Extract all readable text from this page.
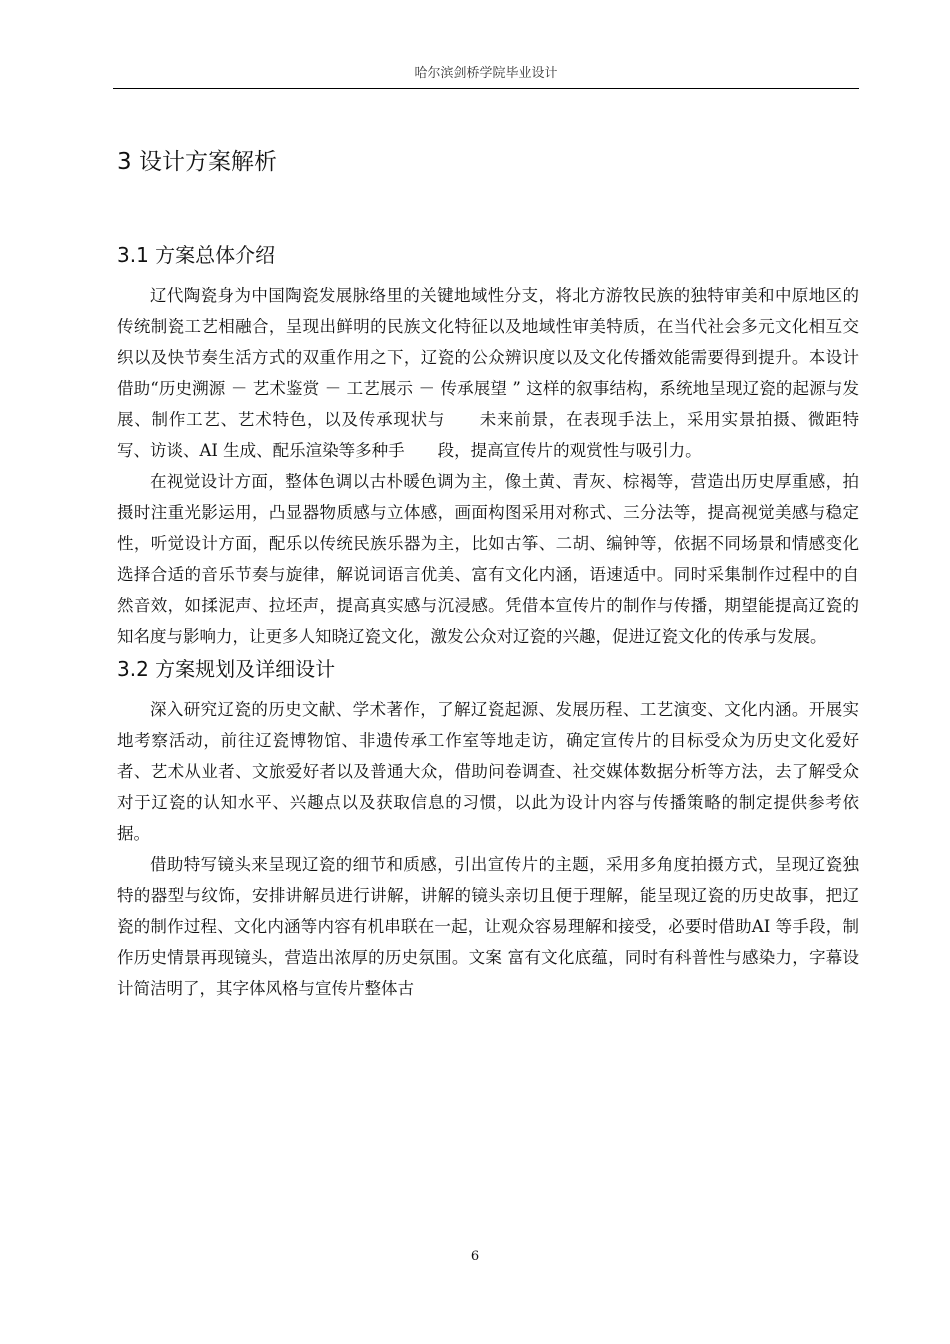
哈尔滨剑桥学院毕业设计
3 设计方案解析
3.1 方案总体介绍

辽代陶瓷身为中国陶瓷发展脉络里的关键地域性分支，将北方游牧民族的独特审美和中原地区的传统制瓷工艺相融合，呈现出鲜明的民族文化特征以及地域性审美特质，在当代社会多元文化相互交织以及快节奏生活方式的双重作用之下，辽瓷的公众辨识度以及文化传播效能需要得到提升。本设计借助“历史溯源 － 艺术鉴赏 － 工艺展示 － 传承展望 ” 这样的叙事结构，系统地呈现辽瓷的起源与发展、制作工艺、艺术特色，以及传承现状与　　未来前景，在表现手法上，采用实景拍摄、微距特写、访谈、AI 生成、配乐渲染等多种手　　段，提高宣传片的观赏性与吸引力。

在视觉设计方面，整体色调以古朴暖色调为主，像土黄、青灰、棕褐等，营造出历史厚重感，拍摄时注重光影运用，凸显器物质感与立体感，画面构图采用对称式、三分法等，提高视觉美感与稳定性，听觉设计方面，配乐以传统民族乐器为主，比如古筝、二胡、编钟等，依据不同场景和情感变化选择合适的音乐节奏与旋律，解说词语言优美、富有文化内涵，语速适中。同时采集制作过程中的自然音效，如揉泥声、拉坯声，提高真实感与沉浸感。凭借本宣传片的制作与传播，期望能提高辽瓷的知名度与影响力，让更多人知晓辽瓷文化，激发公众对辽瓷的兴趣，促进辽瓷文化的传承与发展。

3.2 方案规划及详细设计

深入研究辽瓷的历史文献、学术著作，了解辽瓷起源、发展历程、工艺演变、文化内涵。开展实地考察活动，前往辽瓷博物馆、非遗传承工作室等地走访，确定宣传片的目标受众为历史文化爱好者、艺术从业者、文旅爱好者以及普通大众，借助问卷调查、社交媒体数据分析等方法，去了解受众对于辽瓷的认知水平、兴趣点以及获取信息的习惯，以此为设计内容与传播策略的制定提供参考依据。

借助特写镜头来呈现辽瓷的细节和质感，引出宣传片的主题，采用多角度拍摄方式，呈现辽瓷独特的器型与纹饰，安排讲解员进行讲解，讲解的镜头亲切且便于理解，能呈现辽瓷的历史故事，把辽瓷的制作过程、文化内涵等内容有机串联在一起，让观众容易理解和接受，必要时借助AI 等手段，制作历史情景再现镜头，营造出浓厚的历史氛围。文案 富有文化底蕴，同时有科普性与感染力，字幕设计简洁明了，其字体风格与宣传片整体古

6
